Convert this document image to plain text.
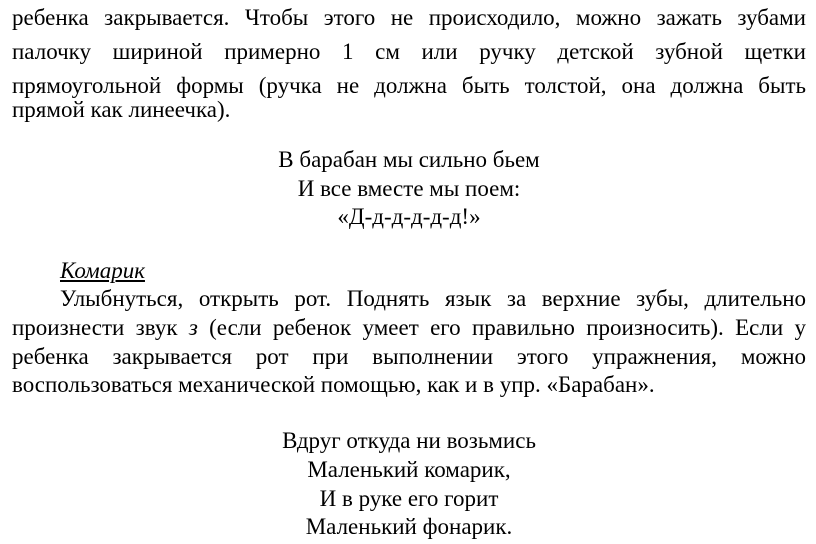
ребенка закрывается. Чтобы этого не происходило, можно зажать зубами
палочку шириной примерно 1 см или ручку детской зубной щетки
прямоугольной формы (ручка не должна быть толстой, она должна быть
прямой как линеечка).
В барабан мы сильно бьем
И все вместе мы поем:
«Д-д-д-д-д-д!»
Комарик
Улыбнуться, открыть рот. Поднять язык за верхние зубы, длительно
произнести звук з (если ребенок умеет его правильно произносить). Если у
ребенка закрывается рот при выполнении этого упражнения, можно
воспользоваться механической помощью, как и в упр. «Барабан».
Вдруг откуда ни возьмись
Маленький комарик,
И в руке его горит
Маленький фонарик.
